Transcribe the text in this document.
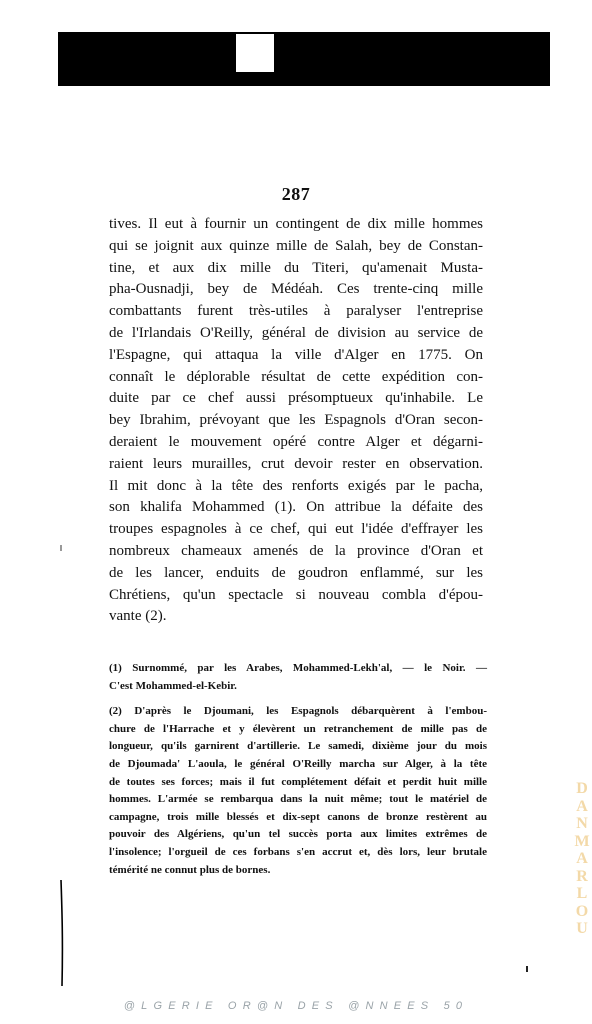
287
tives. Il eut à fournir un contingent de dix mille hommes
qui se joignit aux quinze mille de Salah, bey de Constan-
tine, et aux dix mille du Titeri, qu'amenait Musta-
pha-Ousnadji, bey de Médéah. Ces trente-cinq mille
combattants furent très-utiles à paralyser l'entreprise
de l'Irlandais O'Reilly, général de division au service de
l'Espagne, qui attaqua la ville d'Alger en 1775. On
connaît le déplorable résultat de cette expédition con-
duite par ce chef aussi présomptueux qu'inhabile. Le
bey Ibrahim, prévoyant que les Espagnols d'Oran secon-
deraient le mouvement opéré contre Alger et dégarni-
raient leurs murailles, crut devoir rester en observation.
Il mit donc à la tête des renforts exigés par le pacha,
son khalifa Mohammed (1). On attribue la défaite des
troupes espagnoles à ce chef, qui eut l'idée d'effrayer les
nombreux chameaux amenés de la province d'Oran et
de les lancer, enduits de goudron enflammé, sur les
Chrétiens, qu'un spectacle si nouveau combla d'épou-
vante (2).
(1) Surnommé, par les Arabes, Mohammed-Lekh'al, — le Noir. —
C'est Mohammed-el-Kebir.
(2) D'après le Djoumani, les Espagnols débarquèrent à l'embou-
chure de l'Harrache et y élevèrent un retranchement de mille pas de
longueur, qu'ils garnirent d'artillerie. Le samedi, dixième jour du mois
de Djoumada' L'aoula, le général O'Reilly marcha sur Alger, à la tête
de toutes ses forces; mais il fut complétement défait et perdit huit mille
hommes. L'armée se rembarqua dans la nuit même; tout le matériel de
campagne, trois mille blessés et dix-sept canons de bronze restèrent au
pouvoir des Algériens, qu'un tel succès porta aux limites extrêmes de
l'insolence; l'orgueil de ces forbans s'en accrut et, dès lors, leur brutale
témérité ne connut plus de bornes.
D
A
N
M
A
R
L
O
U
@LGERIE OR@N DES @NNEES 50
